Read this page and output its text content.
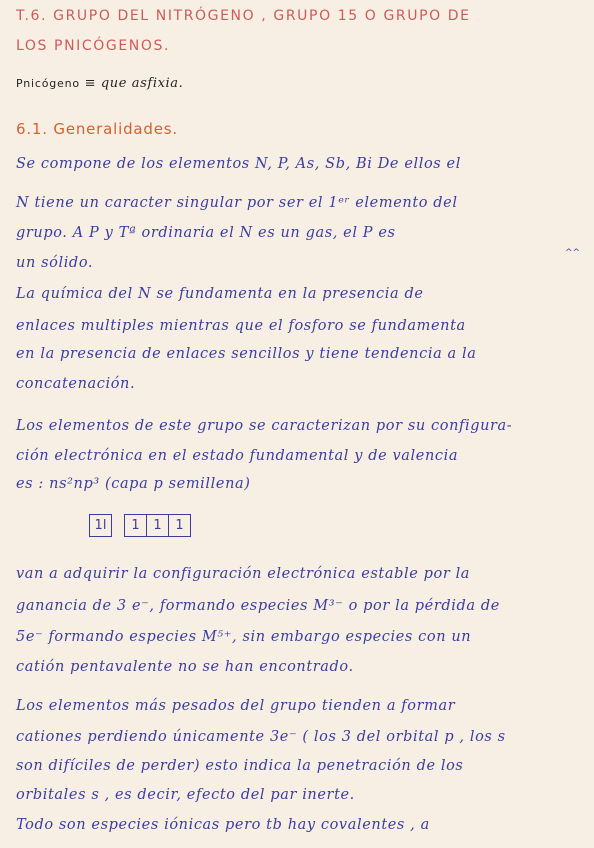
T.6. GRUPO DEL NITRÓGENO , GRUPO 15 O GRUPO DE
LOS PNICÓGENOS.
Pnicógeno ≡ que asfixia.
6.1. Generalidades.
Se compone de los elementos N, P, As, Sb, Bi De ellos el
N tiene un caracter singular por ser el 1ᵉʳ elemento del
grupo. A P y Tª ordinaria el N es un gas, el P es
^^
un sólido.
La química del N se fundamenta en la presencia de
enlaces multiples mientras que el fosforo se fundamenta
en la presencia de enlaces sencillos y tiene tendencia a la
concatenación.
Los elementos de este grupo se caracterizan por su configura-
ción electrónica en el estado fundamental y de valencia
es : ns²np³ (capa p semillena)
1l	1	1	1
van a adquirir la configuración electrónica estable por la
ganancia de 3 e⁻, formando especies M³⁻ o por la pérdida de
5e⁻ formando especies M⁵⁺, sin embargo especies con un
catión pentavalente no se han encontrado.
Los elementos más pesados del grupo tienden a formar
cationes perdiendo únicamente 3e⁻ ( los 3 del orbital p , los s
son difíciles de perder) esto indica la penetración de los
orbitales s , es decir, efecto del par inerte.
Todo son especies iónicas pero tb hay covalentes , a
